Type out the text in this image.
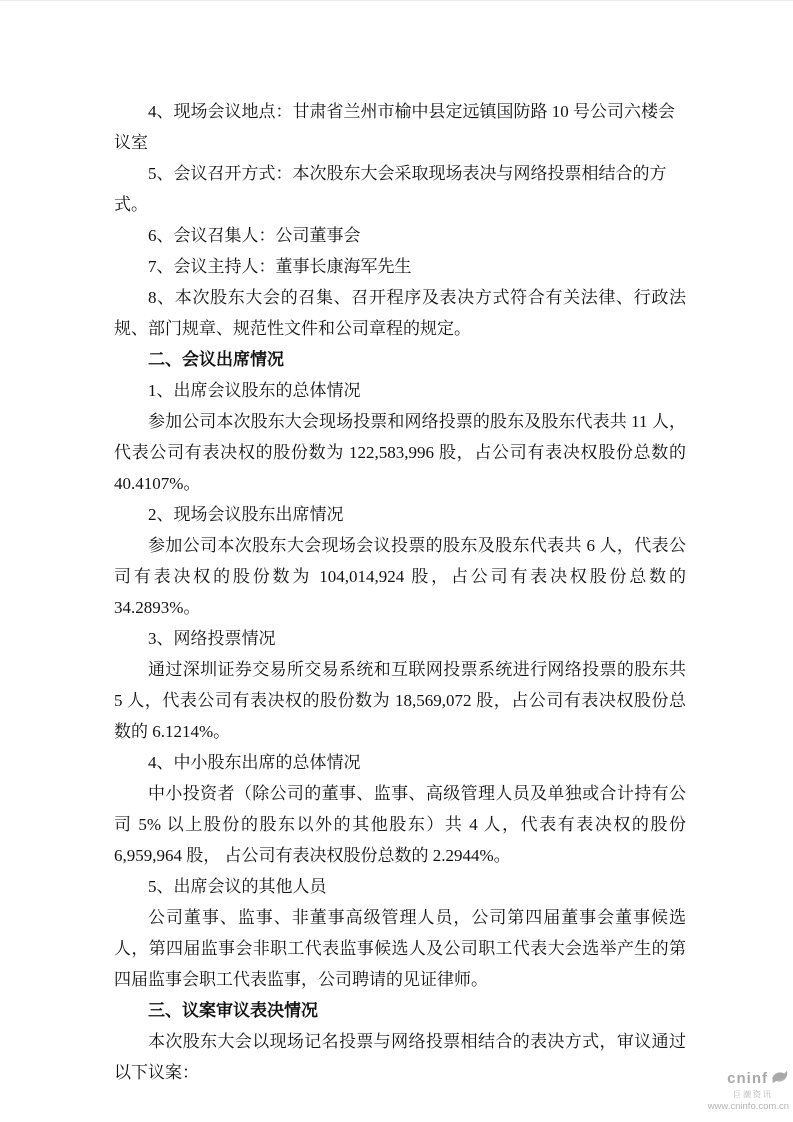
4、现场会议地点：甘肃省兰州市榆中县定远镇国防路 10 号公司六楼会议室

5、会议召开方式：本次股东大会采取现场表决与网络投票相结合的方式。

6、会议召集人：公司董事会

7、会议主持人：董事长康海军先生

8、本次股东大会的召集、召开程序及表决方式符合有关法律、行政法规、部门规章、规范性文件和公司章程的规定。

二、会议出席情况

1、出席会议股东的总体情况

参加公司本次股东大会现场投票和网络投票的股东及股东代表共 11 人，代表公司有表决权的股份数为 122,583,996 股，占公司有表决权股份总数的 40.4107%。

2、现场会议股东出席情况

参加公司本次股东大会现场会议投票的股东及股东代表共 6 人，代表公司有表决权的股份数为 104,014,924 股，占公司有表决权股份总数的 34.2893%。

3、网络投票情况

通过深圳证券交易所交易系统和互联网投票系统进行网络投票的股东共 5 人，代表公司有表决权的股份数为 18,569,072 股，占公司有表决权股份总数的 6.1214%。

4、中小股东出席的总体情况

中小投资者（除公司的董事、监事、高级管理人员及单独或合计持有公司 5% 以上股份的股东以外的其他股东）共 4 人，代表有表决权的股份 6,959,964 股， 占公司有表决权股份总数的 2.2944%。

5、出席会议的其他人员

公司董事、监事、非董事高级管理人员，公司第四届董事会董事候选人，第四届监事会非职工代表监事候选人及公司职工代表大会选举产生的第四届监事会职工代表监事，公司聘请的见证律师。

三、议案审议表决情况

本次股东大会以现场记名投票与网络投票相结合的表决方式，审议通过以下议案：	cninf
巨潮资讯
www.cninfo.com.cn
